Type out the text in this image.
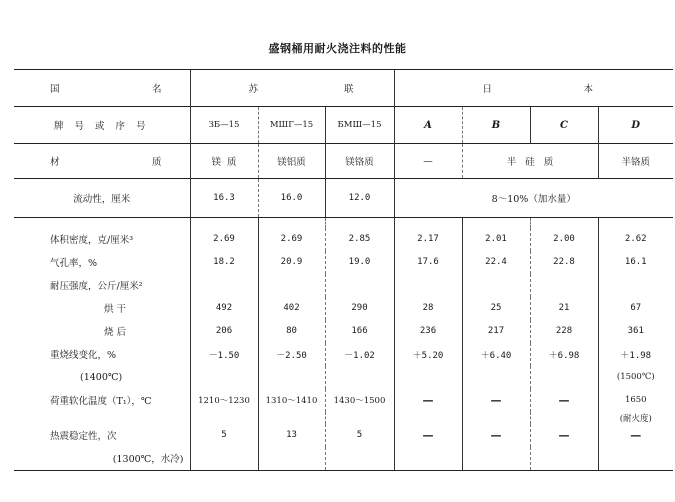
盛钢桶用耐火浇注料的性能
国 名	苏 联			日 本			

牌 号 或 序 号	ЗБ—15	МШГ—15	БМШ—15	A	B	C	D

材 质	镁  质	镁铝质	镁铬质	—	半   硅   质		半铬质
流动性，厘米	16.3	16.0	12.0	8～10%（加水量）			

体积密度，克/厘米³	2.69	2.69	2.85	2.17	2.01	2.00	2.62
气孔率，%	18.2	20.9	19.0	17.6	22.4	22.8	16.1
耐压强度，公斤/厘米²							
烘 干	492	402	290	28	25	21	67
烧 后	206	80	166	236	217	228	361
重烧线变化，%	－1.50	－2.50	－1.02	＋5.20	＋6.40	＋6.98	＋1.98
(1400℃)							(1500℃)
荷重软化温度（T₁），℃	1210～1230	1310～1410	1430～1500	—	—	—	1650
							(耐火度)
热震稳定性，次	5	13	5	—	—	—	—
(1300℃，水冷)							
